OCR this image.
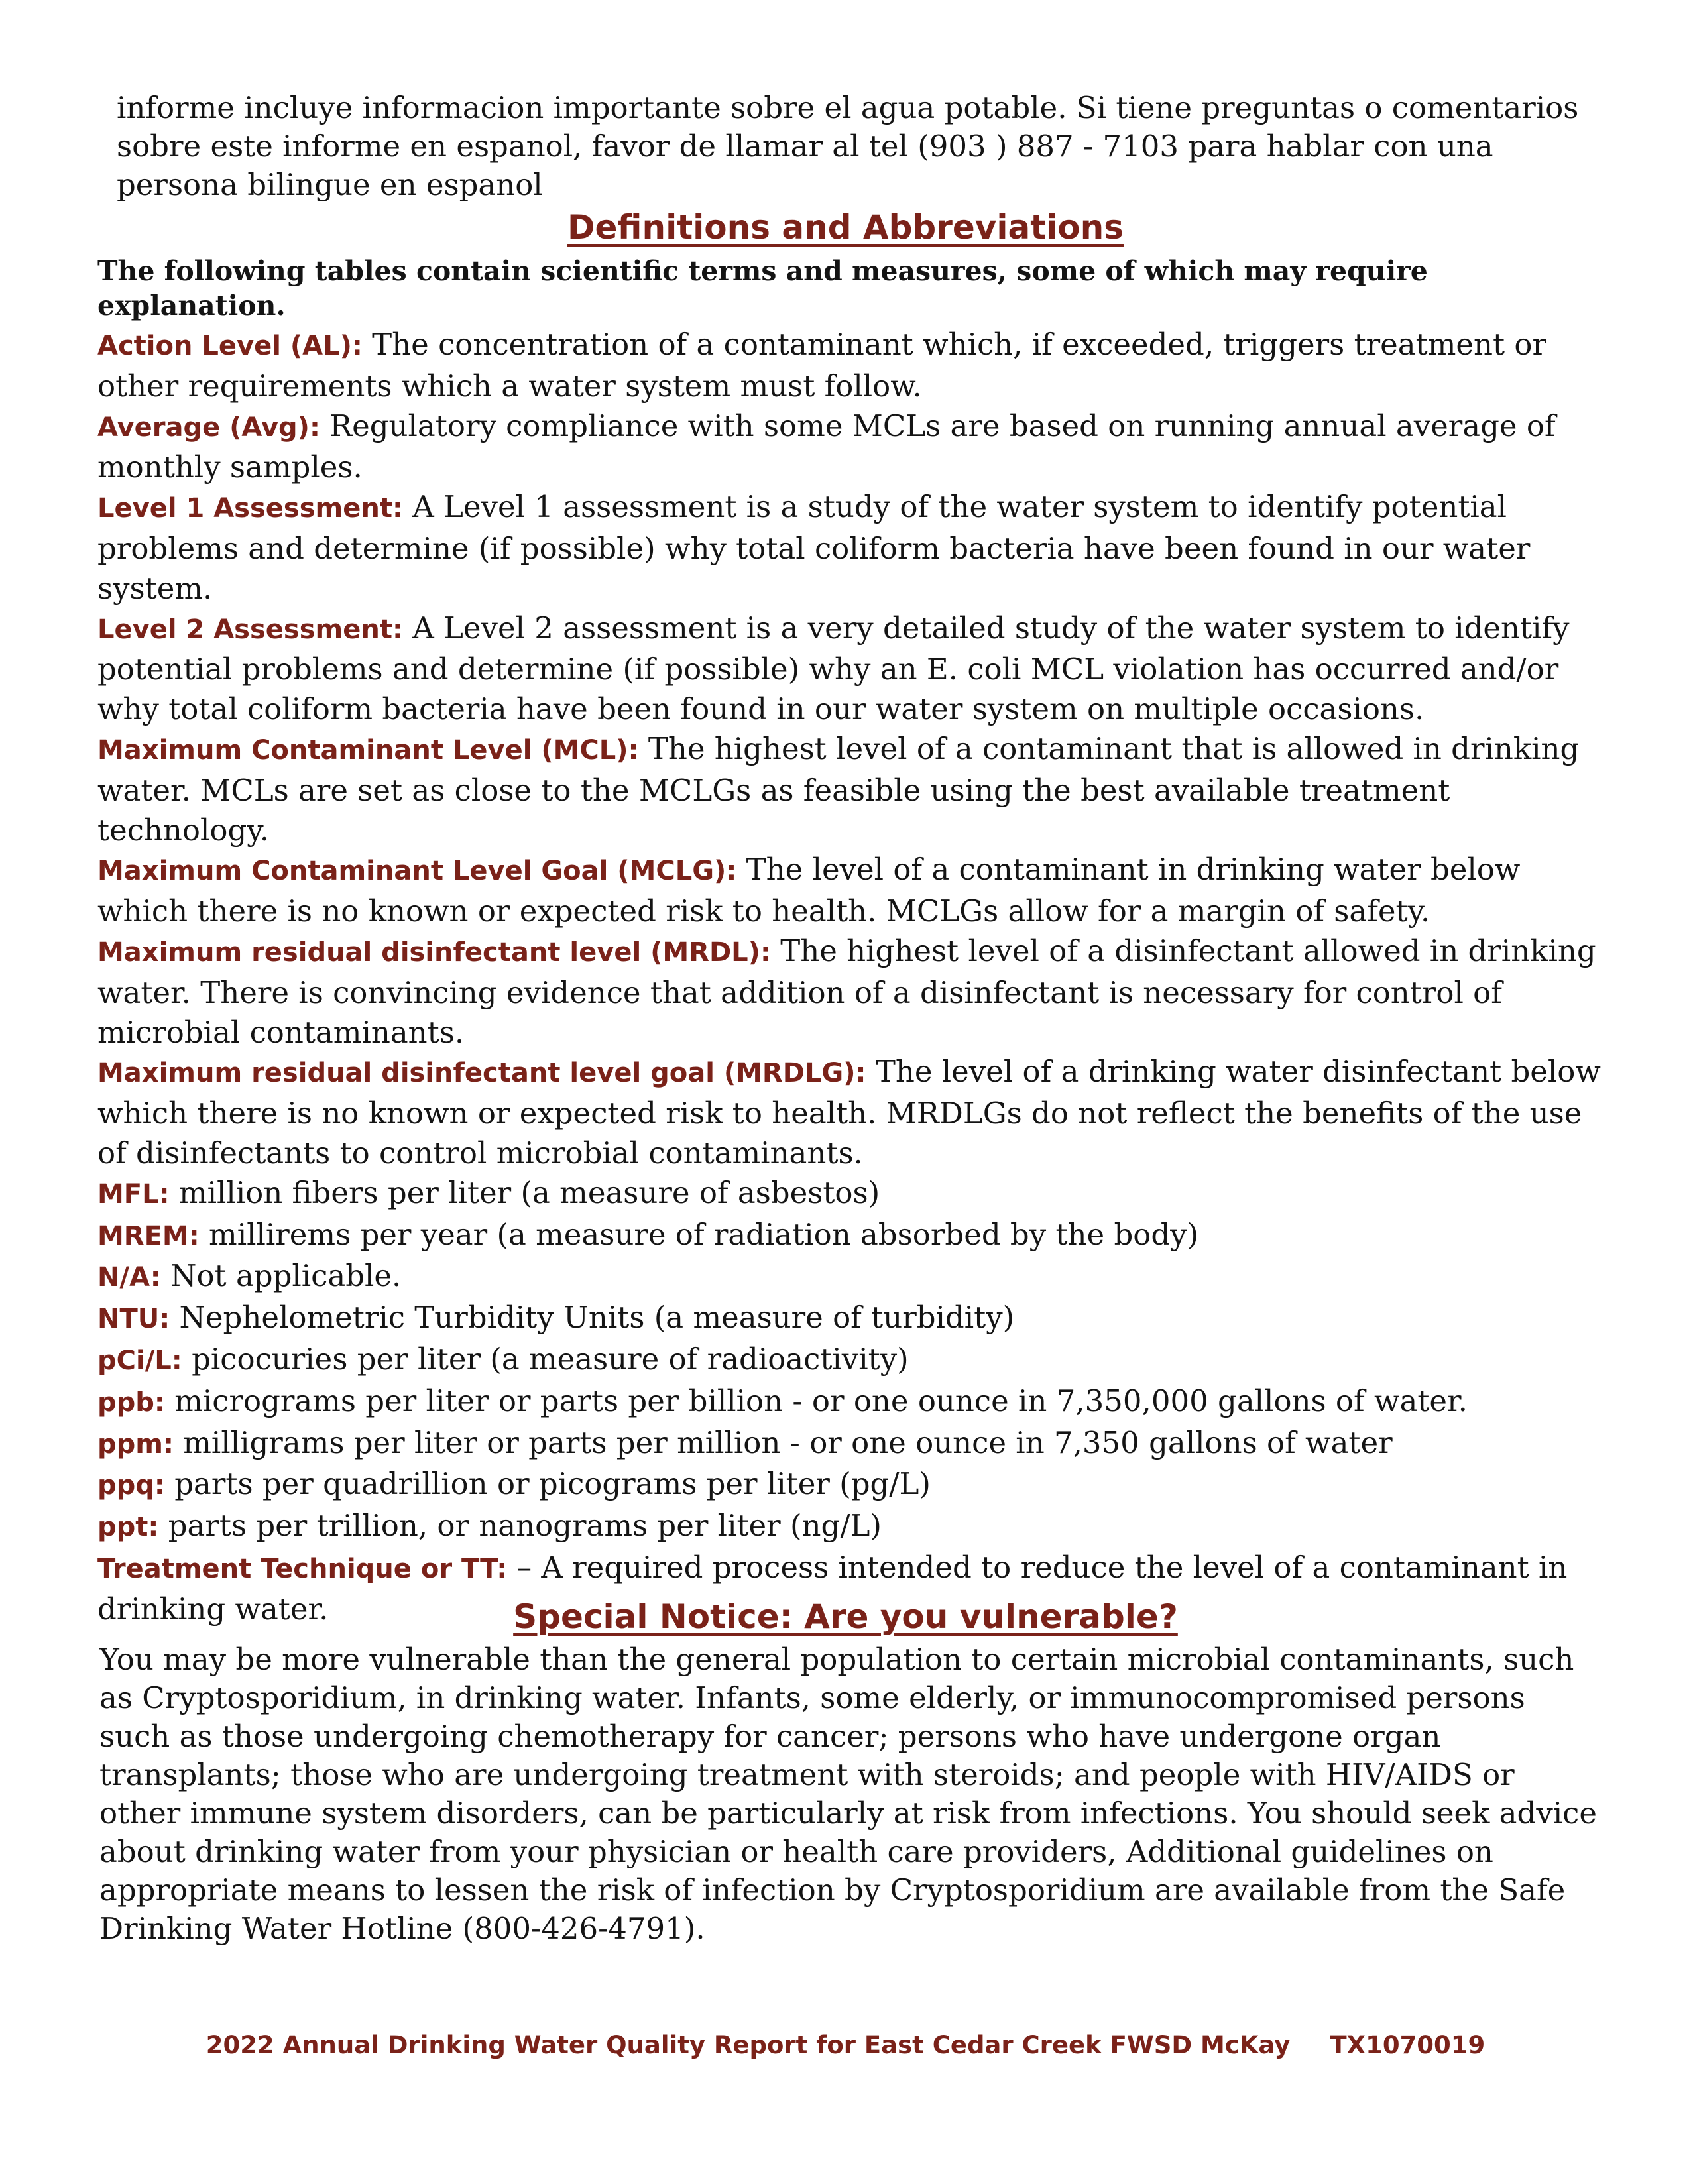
informe incluye informacion importante sobre el agua potable. Si tiene preguntas o comentarios sobre este informe en espanol, favor de llamar al tel (903 ) 887 - 7103 para hablar con una persona bilingue en espanol
Definitions and Abbreviations
The following tables contain scientific terms and measures, some of which may require explanation.

Action Level (AL): The concentration of a contaminant which, if exceeded, triggers treatment or other requirements which a water system must follow.

Average (Avg): Regulatory compliance with some MCLs are based on running annual average of monthly samples.

Level 1 Assessment: A Level 1 assessment is a study of the water system to identify potential problems and determine (if possible) why total coliform bacteria have been found in our water system.

Level 2 Assessment: A Level 2 assessment is a very detailed study of the water system to identify potential problems and determine (if possible) why an E. coli MCL violation has occurred and/or why total coliform bacteria have been found in our water system on multiple occasions.

Maximum Contaminant Level (MCL): The highest level of a contaminant that is allowed in drinking water. MCLs are set as close to the MCLGs as feasible using the best available treatment technology.

Maximum Contaminant Level Goal (MCLG): The level of a contaminant in drinking water below which there is no known or expected risk to health. MCLGs allow for a margin of safety.

Maximum residual disinfectant level (MRDL): The highest level of a disinfectant allowed in drinking water. There is convincing evidence that addition of a disinfectant is necessary for control of microbial contaminants.

Maximum residual disinfectant level goal (MRDLG): The level of a drinking water disinfectant below which there is no known or expected risk to health. MRDLGs do not reflect the benefits of the use of disinfectants to control microbial contaminants.

MFL: million fibers per liter (a measure of asbestos)

MREM: millirems per year (a measure of radiation absorbed by the body)

N/A: Not applicable.

NTU: Nephelometric Turbidity Units (a measure of turbidity)

pCi/L: picocuries per liter (a measure of radioactivity)

ppb: micrograms per liter or parts per billion - or one ounce in 7,350,000 gallons of water.

ppm: milligrams per liter or parts per million - or one ounce in 7,350 gallons of water

ppq: parts per quadrillion or picograms per liter (pg/L)

ppt: parts per trillion, or nanograms per liter (ng/L)

Treatment Technique or TT: – A required process intended to reduce the level of a contaminant in drinking water.	Special Notice: Are you vulnerable?
You may be more vulnerable than the general population to certain microbial contaminants, such as Cryptosporidium, in drinking water. Infants, some elderly, or immunocompromised persons such as those undergoing chemotherapy for cancer; persons who have undergone organ transplants; those who are undergoing treatment with steroids; and people with HIV/AIDS or other immune system disorders, can be particularly at risk from infections. You should seek advice about drinking water from your physician or health care providers, Additional guidelines on appropriate means to lessen the risk of infection by Cryptosporidium are available from the Safe Drinking Water Hotline (800-426-4791).
2022 Annual Drinking Water Quality Report for East Cedar Creek FWSD McKay TX1070019
